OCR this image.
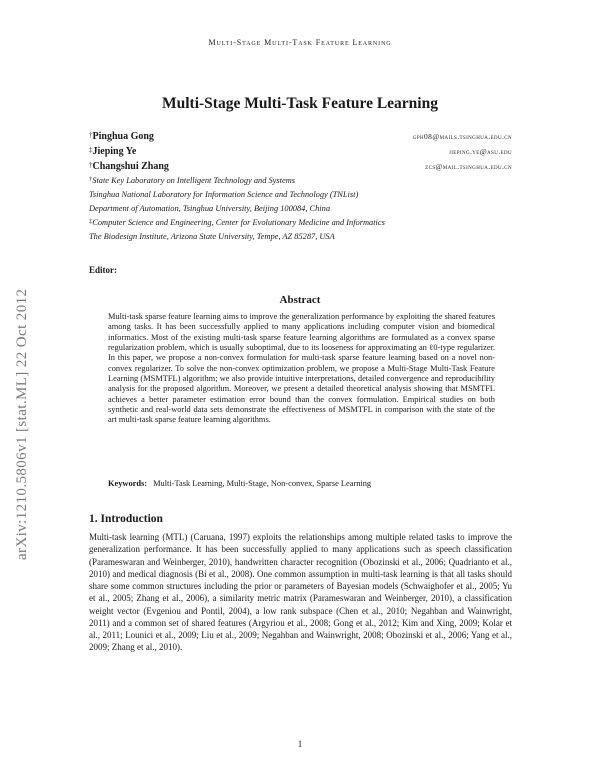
Multi-Stage Multi-Task Feature Learning
arXiv:1210.5806v1 [stat.ML] 22 Oct 2012
Multi-Stage Multi-Task Feature Learning
†Pinghua Gong	gph08@mails.tsinghua.edu.cn
‡Jieping Ye	jieping.ye@asu.edu
†Changshui Zhang	zcs@mail.tsinghua.edu.cn
†State Key Laboratory on Intelligent Technology and Systems
Tsinghua National Laboratory for Information Science and Technology (TNList)
Department of Automation, Tsinghua University, Beijing 100084, China
‡Computer Science and Engineering, Center for Evolutionary Medicine and Informatics
The Biodesign Institute, Arizona State University, Tempe, AZ 85287, USA
Editor:
Abstract
Multi-task sparse feature learning aims to improve the generalization performance by exploiting the shared features among tasks. It has been successfully applied to many applications including computer vision and biomedical informatics. Most of the existing multi-task sparse feature learning algorithms are formulated as a convex sparse regularization problem, which is usually suboptimal, due to its looseness for approximating an ℓ0-type regularizer. In this paper, we propose a non-convex formulation for multi-task sparse feature learning based on a novel non-convex regularizer. To solve the non-convex optimization problem, we propose a Multi-Stage Multi-Task Feature Learning (MSMTFL) algorithm; we also provide intuitive interpretations, detailed convergence and reproducibility analysis for the proposed algorithm. Moreover, we present a detailed theoretical analysis showing that MSMTFL achieves a better parameter estimation error bound than the convex formulation. Empirical studies on both synthetic and real-world data sets demonstrate the effectiveness of MSMTFL in comparison with the state of the art multi-task sparse feature learning algorithms.
Keywords: Multi-Task Learning, Multi-Stage, Non-convex, Sparse Learning
1. Introduction
Multi-task learning (MTL) (Caruana, 1997) exploits the relationships among multiple related tasks to improve the generalization performance. It has been successfully applied to many applications such as speech classification (Parameswaran and Weinberger, 2010), handwritten character recognition (Obozinski et al., 2006; Quadrianto et al., 2010) and medical diagnosis (Bi et al., 2008). One common assumption in multi-task learning is that all tasks should share some common structures including the prior or parameters of Bayesian models (Schwaighofer et al., 2005; Yu et al., 2005; Zhang et al., 2006), a similarity metric matrix (Parameswaran and Weinberger, 2010), a classification weight vector (Evgeniou and Pontil, 2004), a low rank subspace (Chen et al., 2010; Negahban and Wainwright, 2011) and a common set of shared features (Argyriou et al., 2008; Gong et al., 2012; Kim and Xing, 2009; Kolar et al., 2011; Lounici et al., 2009; Liu et al., 2009; Negahban and Wainwright, 2008; Obozinski et al., 2006; Yang et al., 2009; Zhang et al., 2010).
1
